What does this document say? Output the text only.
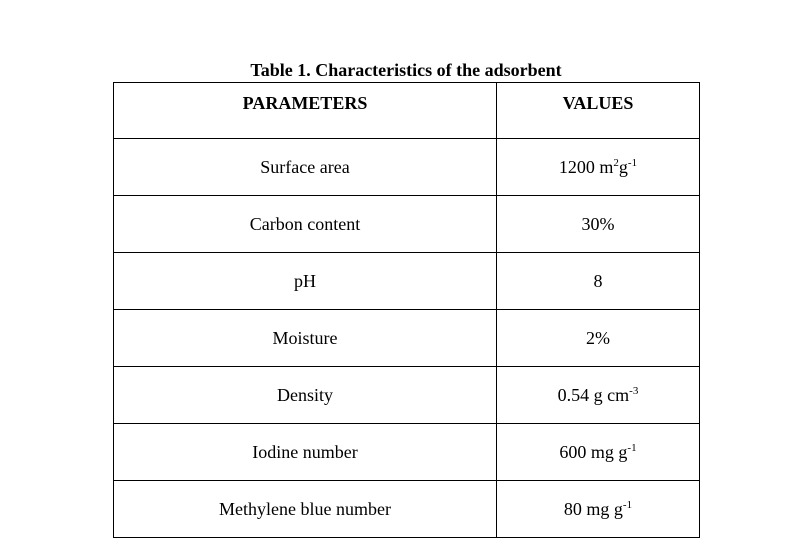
Table 1. Characteristics of the adsorbent
PARAMETERS	VALUES
Surface area	1200 $m^2g^{-1}$
Carbon content	30%
pH	8
Moisture	2%
Density	0.54 g $cm^{-3}$
Iodine number	600 mg $g^{-1}$
Methylene blue number	80 mg $g^{-1}$
